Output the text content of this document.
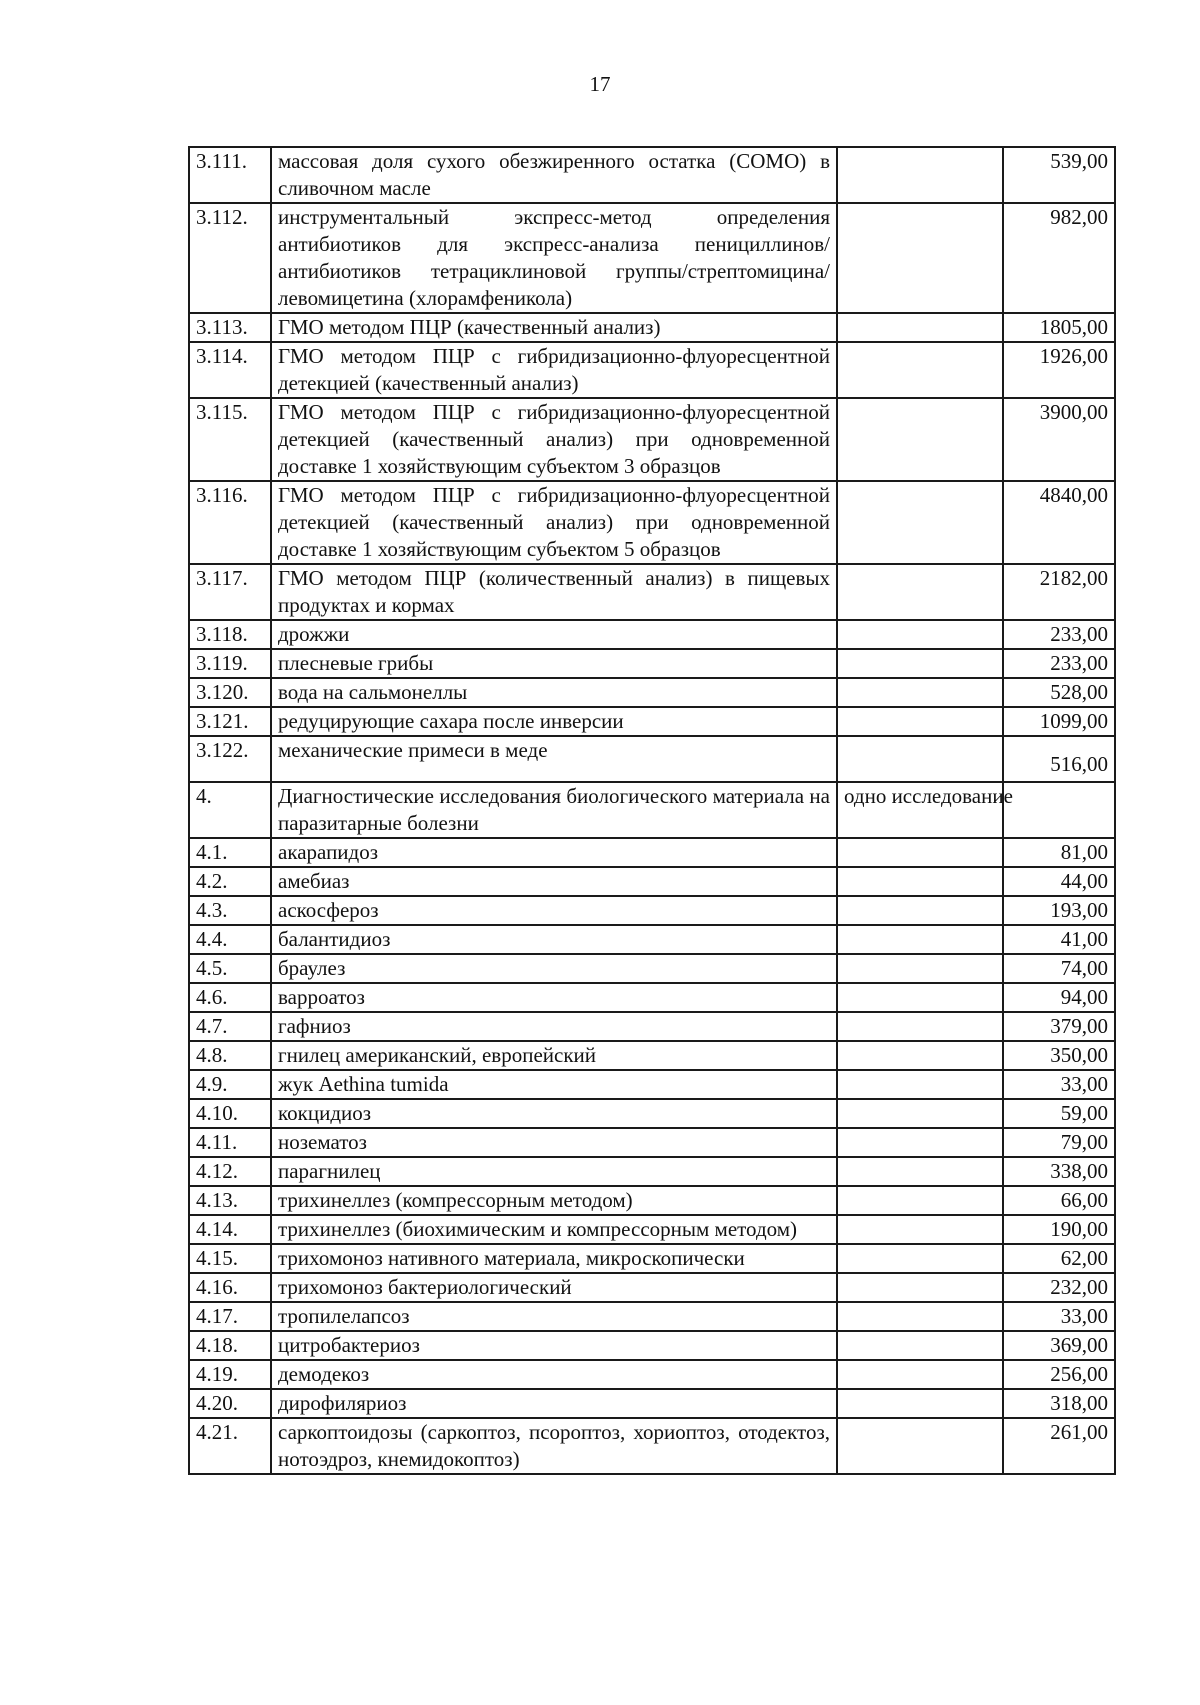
17
3.111.	массовая доля сухого обезжиренного остатка (СОМО) в сливочном масле		539,00
3.112.	инструментальный экспресс-метод определения антибиотиков для экспресс-анализа пенициллинов/антибиотиков тетрациклиновой группы/стрептомицина/левомицетина (хлорамфеникола)		982,00
3.113.	ГМО методом ПЦР (качественный анализ)		1805,00
3.114.	ГМО методом ПЦР с гибридизационно-флуоресцентной детекцией (качественный анализ)		1926,00
3.115.	ГМО методом ПЦР с гибридизационно-флуоресцентной детекцией (качественный анализ) при одновременной доставке 1 хозяйствующим субъектом 3 образцов		3900,00
3.116.	ГМО методом ПЦР с гибридизационно-флуоресцентной детекцией (качественный анализ) при одновременной доставке 1 хозяйствующим субъектом 5 образцов		4840,00
3.117.	ГМО методом ПЦР (количественный анализ) в пищевых продуктах и кормах		2182,00
3.118.	дрожжи		233,00
3.119.	плесневые грибы		233,00
3.120.	вода на сальмонеллы		528,00
3.121.	редуцирующие сахара после инверсии		1099,00
3.122.	механические примеси в меде		516,00
4.	Диагностические исследования биологического материала на паразитарные болезни	одно исследование	
4.1.	акарапидоз		81,00
4.2.	амебиаз		44,00
4.3.	аскосфероз		193,00
4.4.	балантидиоз		41,00
4.5.	браулез		74,00
4.6.	варроатоз		94,00
4.7.	гафниоз		379,00
4.8.	гнилец американский, европейский		350,00
4.9.	жук Aethina tumida		33,00
4.10.	кокцидиоз		59,00
4.11.	нозематоз		79,00
4.12.	парагнилец		338,00
4.13.	трихинеллез (компрессорным методом)		66,00
4.14.	трихинеллез (биохимическим и компрессорным методом)		190,00
4.15.	трихомоноз нативного материала, микроскопически		62,00
4.16.	трихомоноз бактериологический		232,00
4.17.	тропилелапсоз		33,00
4.18.	цитробактериоз		369,00
4.19.	демодекоз		256,00
4.20.	дирофиляриоз		318,00
4.21.	саркоптоидозы (саркоптоз, псороптоз, хориоптоз, отодектоз, нотоэдроз, кнемидокоптоз)		261,00
